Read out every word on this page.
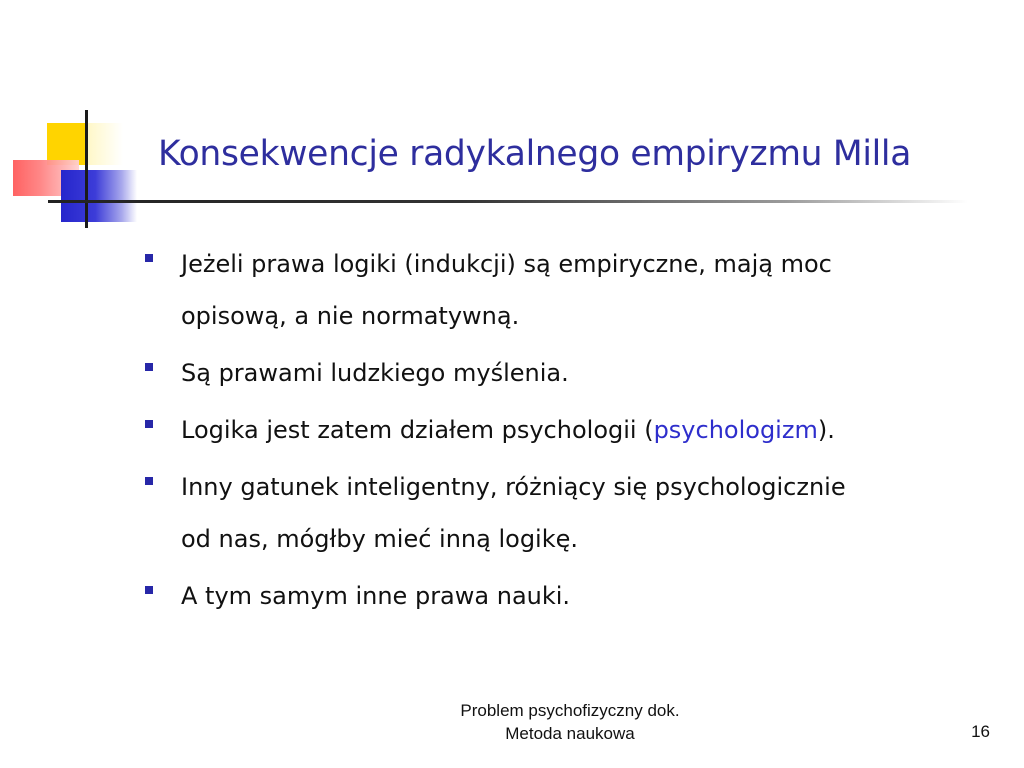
Konsekwencje radykalnego empiryzmu Milla
Jeżeli prawa logiki (indukcji) są empiryczne, mają moc
opisową, a nie normatywną.
Są prawami ludzkiego myślenia.
Logika jest zatem działem psychologii (psychologizm).
Inny gatunek inteligentny, różniący się psychologicznie
od nas, mógłby mieć inną logikę.
A tym samym inne prawa nauki.
Problem psychofizyczny dok.
Metoda naukowa	16
